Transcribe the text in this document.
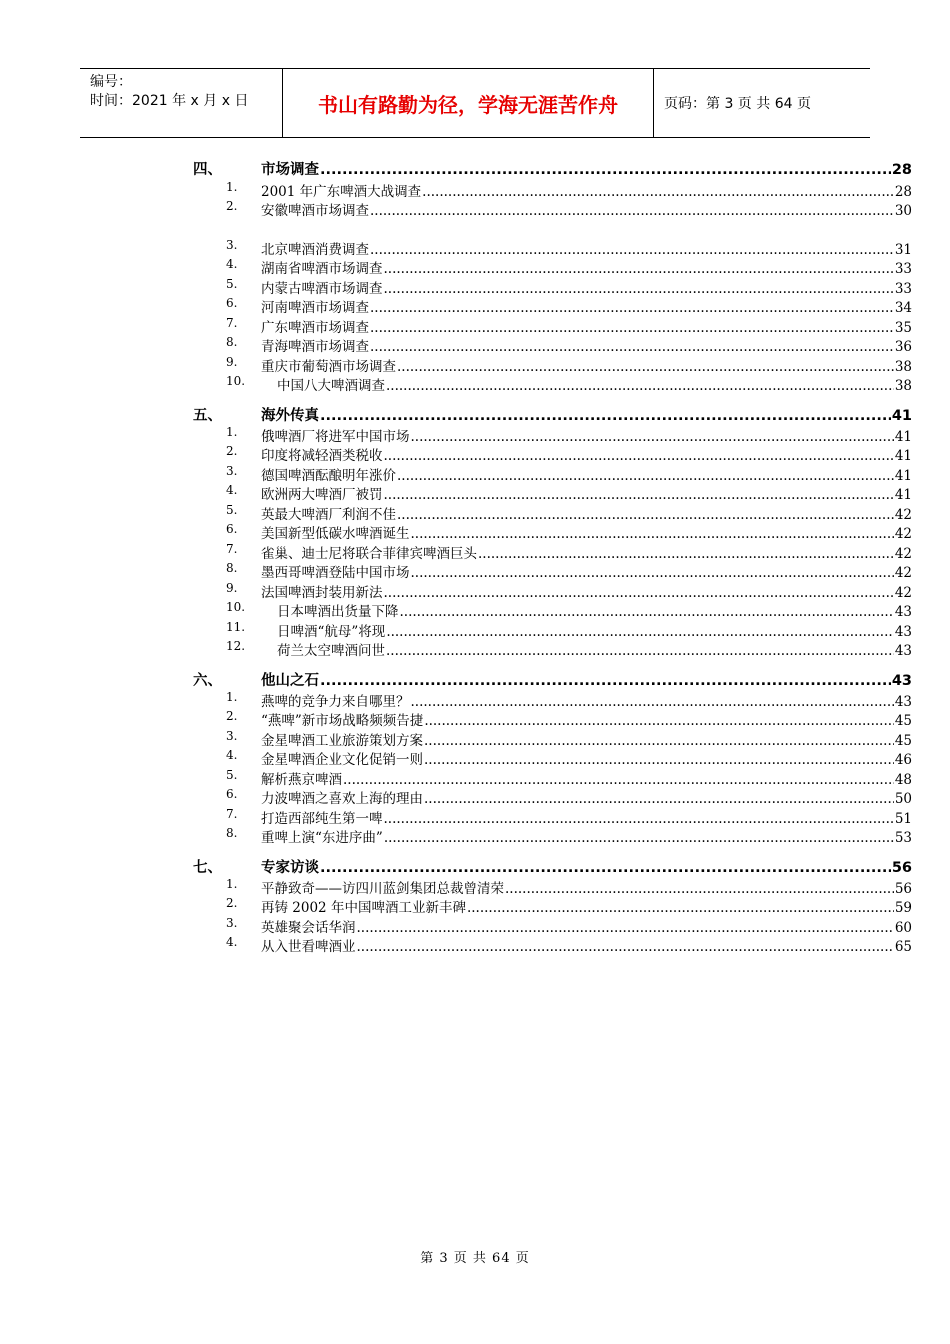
编号：
时间：2021 年 x 月 x 日	书山有路勤为径，学海无涯苦作舟	页码：第 3 页 共 64 页
四、	市场调查 .....	28
1. 2001 年广东啤酒大战调查 .....	28
2. 安徽啤酒市场调查 .....	30
3. 北京啤酒消费调查 .....	31
4. 湖南省啤酒市场调查 .....	33
5. 内蒙古啤酒市场调查 .....	33
6. 河南啤酒市场调查 .....	34
7. 广东啤酒市场调查 .....	35
8. 青海啤酒市场调查 .....	36
9. 重庆市葡萄酒市场调查 .....	38
10. 中国八大啤酒调查 .....	38
五、	海外传真 .....	41
1. 俄啤酒厂将进军中国市场 .....	41
2. 印度将减轻酒类税收 .....	41
3. 德国啤酒酝酿明年涨价 .....	41
4. 欧洲两大啤酒厂被罚 .....	41
5. 英最大啤酒厂利润不佳 .....	42
6. 美国新型低碳水啤酒诞生 .....	42
7. 雀巢、迪士尼将联合菲律宾啤酒巨头 .....	42
8. 墨西哥啤酒登陆中国市场 .....	42
9. 法国啤酒封装用新法 .....	42
10. 日本啤酒出货量下降 .....	43
11. 日啤酒“航母”将现 .....	43
12. 荷兰太空啤酒问世 .....	43
六、	他山之石 .....	43
1. 燕啤的竞争力来自哪里？ .....	43
2. “燕啤”新市场战略频频告捷 .....	45
3. 金星啤酒工业旅游策划方案 .....	45
4. 金星啤酒企业文化促销一则 .....	46
5. 解析燕京啤酒 .....	48
6. 力波啤酒之喜欢上海的理由 .....	50
7. 打造西部纯生第一啤 .....	51
8. 重啤上演“东进序曲” .....	53
七、	专家访谈 .....	56
1. 平静致奇——访四川蓝剑集团总裁曾清荣 .....	56
2. 再铸 2002 年中国啤酒工业新丰碑 .....	59
3. 英雄聚会话华润 .....	60
4. 从入世看啤酒业 .....	65
第 3 页 共 64 页
